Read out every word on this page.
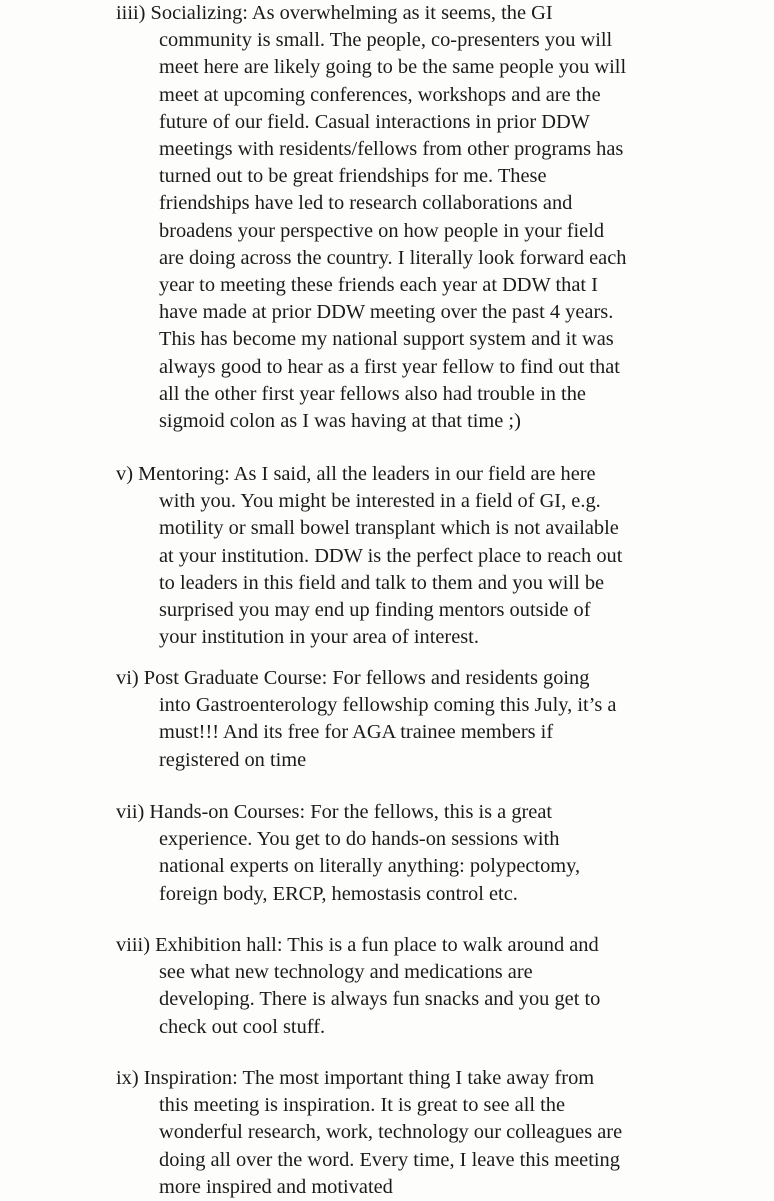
iiii) Socializing: As overwhelming as it seems, the GI
community is small. The people, co-presenters you will
meet here are likely going to be the same people you will
meet at upcoming conferences, workshops and are the
future of our field. Casual interactions in prior DDW
meetings with residents/fellows from other programs has
turned out to be great friendships for me. These
friendships have led to research collaborations and
broadens your perspective on how people in your field
are doing across the country. I literally look forward each
year to meeting these friends each year at DDW that I
have made at prior DDW meeting over the past 4 years.
This has become my national support system and it was
always good to hear as a first year fellow to find out that
all the other first year fellows also had trouble in the
sigmoid colon as I was having at that time ;)
v) Mentoring: As I said, all the leaders in our field are here
with you. You might be interested in a field of GI, e.g.
motility or small bowel transplant which is not available
at your institution. DDW is the perfect place to reach out
to leaders in this field and talk to them and you will be
surprised you may end up finding mentors outside of
your institution in your area of interest.
vi) Post Graduate Course: For fellows and residents going
into Gastroenterology fellowship coming this July, it’s a
must!!! And its free for AGA trainee members if
registered on time
vii) Hands-on Courses: For the fellows, this is a great
experience. You get to do hands-on sessions with
national experts on literally anything: polypectomy,
foreign body, ERCP, hemostasis control etc.
viii) Exhibition hall: This is a fun place to walk around and
see what new technology and medications are
developing. There is always fun snacks and you get to
check out cool stuff.
ix) Inspiration: The most important thing I take away from
this meeting is inspiration. It is great to see all the
wonderful research, work, technology our colleagues are
doing all over the word. Every time, I leave this meeting
more inspired and motivated
